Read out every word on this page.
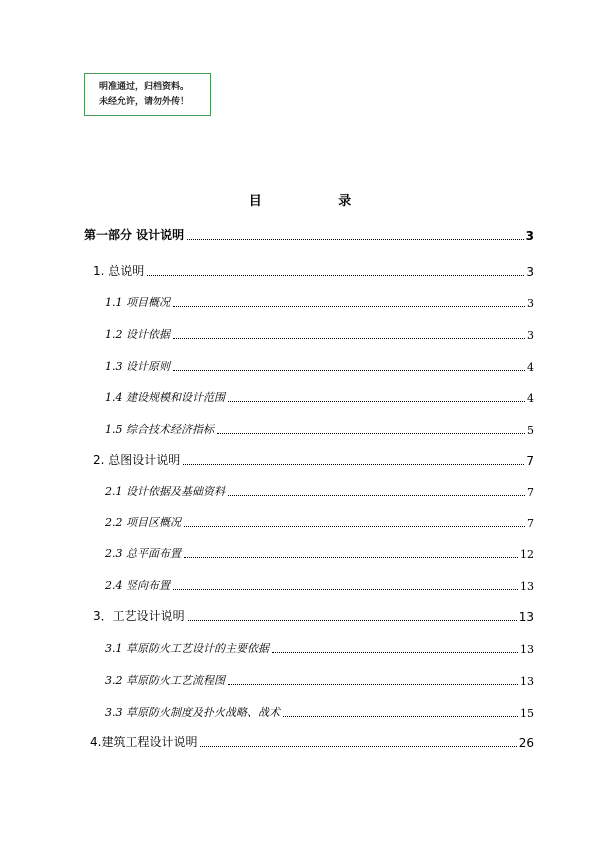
明准通过，归档资料。
未经允许，请勿外传！
目 录
第一部分 设计说明	3
1. 总说明	3
1.1 项目概况	3
1.2 设计依据	3
1.3 设计原则	4
1.4 建设规模和设计范围	4
1.5 综合技术经济指标	5
2. 总图设计说明	7
2.1 设计依据及基础资料	7
2.2 项目区概况	7
2.3 总平面布置	12
2.4 竖向布置	13
3．工艺设计说明	13
3.1 草原防火工艺设计的主要依据	13
3.2 草原防火工艺流程图	13
3.3 草原防火制度及扑火战略、战术	15
4.建筑工程设计说明	26
